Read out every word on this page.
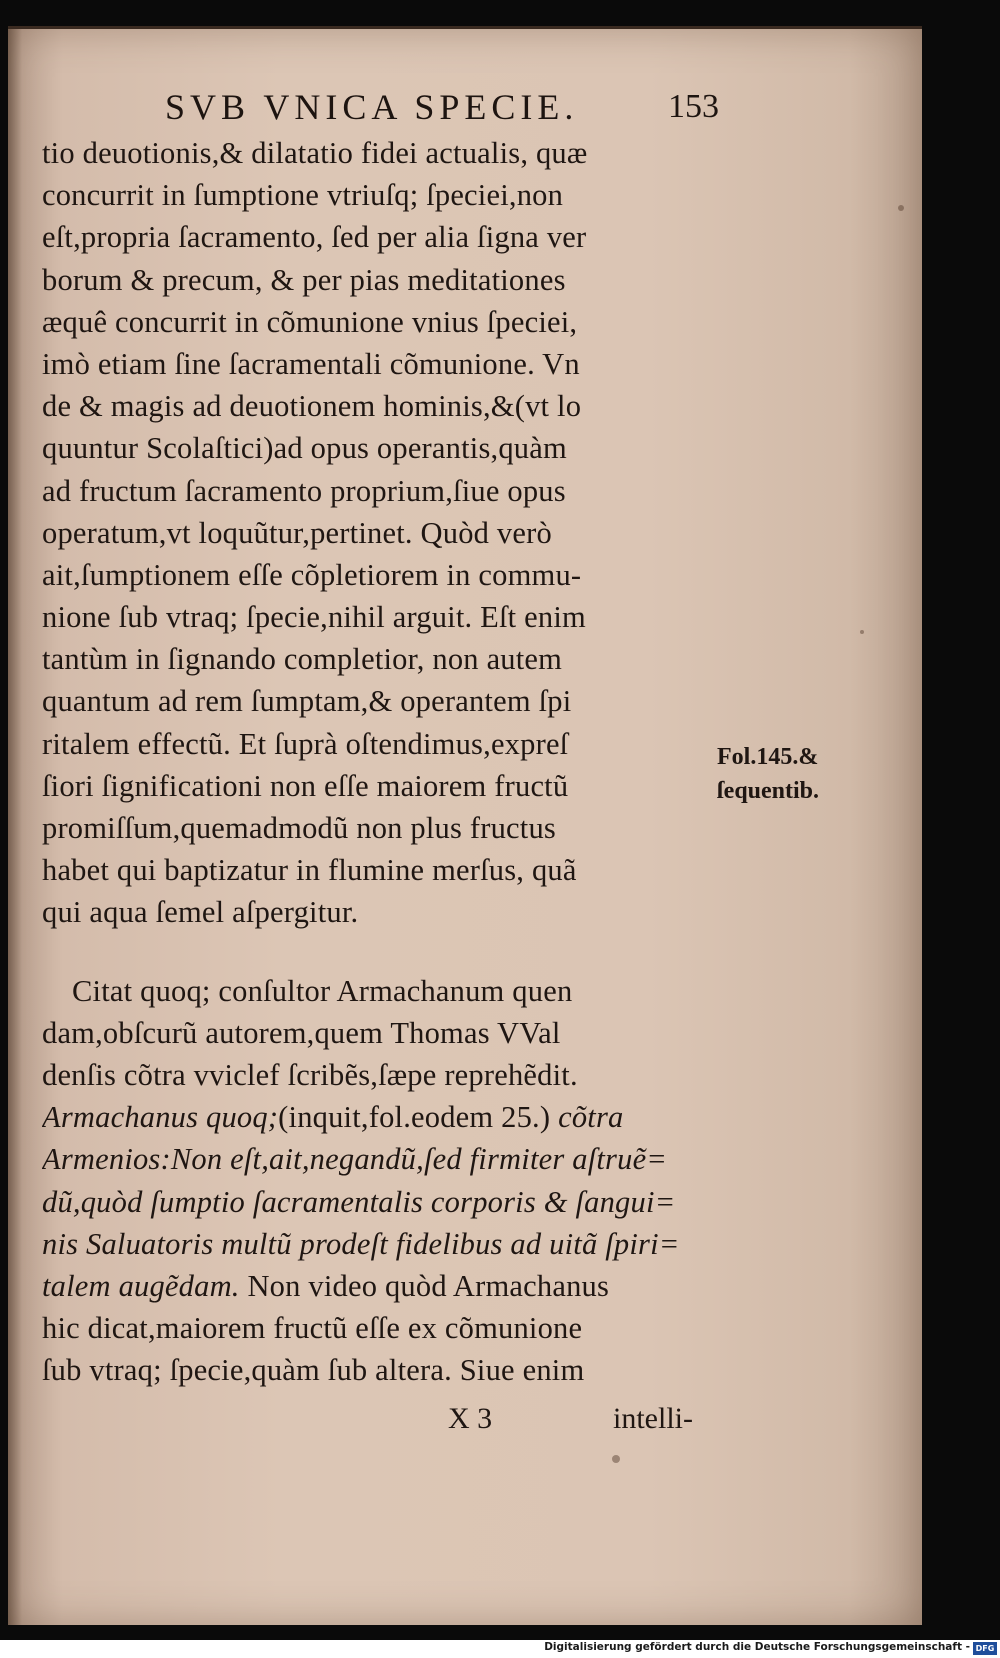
SVB VNICA SPECIE.	153
tio deuotionis,& dilatatio fidei actualis, quæ
concurrit in ſumptione vtriuſq; ſpeciei,non
eſt,propria ſacramento, ſed per alia ſigna ver
borum & precum, & per pias meditationes
æquê concurrit in cõmunione vnius ſpeciei,
imò etiam ſine ſacramentali cõmunione. Vn
de & magis ad deuotionem hominis,&(vt lo
quuntur Scolaſtici)ad opus operantis,quàm
ad fructum ſacramento proprium,ſiue opus
operatum,vt loquũtur,pertinet. Quòd verò
ait,ſumptionem eſſe cõpletiorem in commu-
nione ſub vtraq; ſpecie,nihil arguit. Eſt enim
tantùm in ſignando completior, non autem
quantum ad rem ſumptam,& operantem ſpi
ritalem effectũ. Et ſuprà oſtendimus,expreſ
ſiori ſignificationi non eſſe maiorem fructũ
promiſſum,quemadmodũ non plus fructus
habet qui baptizatur in flumine merſus, quã
qui aqua ſemel aſpergitur.
Citat quoq; conſultor Armachanum quen
dam,obſcurũ autorem,quem Thomas VVal
denſis cõtra vviclef ſcribẽs,ſæpe reprehẽdit.
Armachanus quoq;(inquit,fol.eodem 25.) cõtra
Armenios:Non eſt,ait,negandũ,ſed firmiter aſtruẽ=
dũ,quòd ſumptio ſacramentalis corporis & ſangui=
nis Saluatoris multũ prodeſt fidelibus ad uitã ſpiri=
talem augẽdam. Non video quòd Armachanus
hic dicat,maiorem fructũ eſſe ex cõmunione
ſub vtraq; ſpecie,quàm ſub altera. Siue enim
X 3	intelli-
Fol.145.&
ſequentib.
Digitalisierung gefördert durch die Deutsche Forschungsgemeinschaft - DFG
